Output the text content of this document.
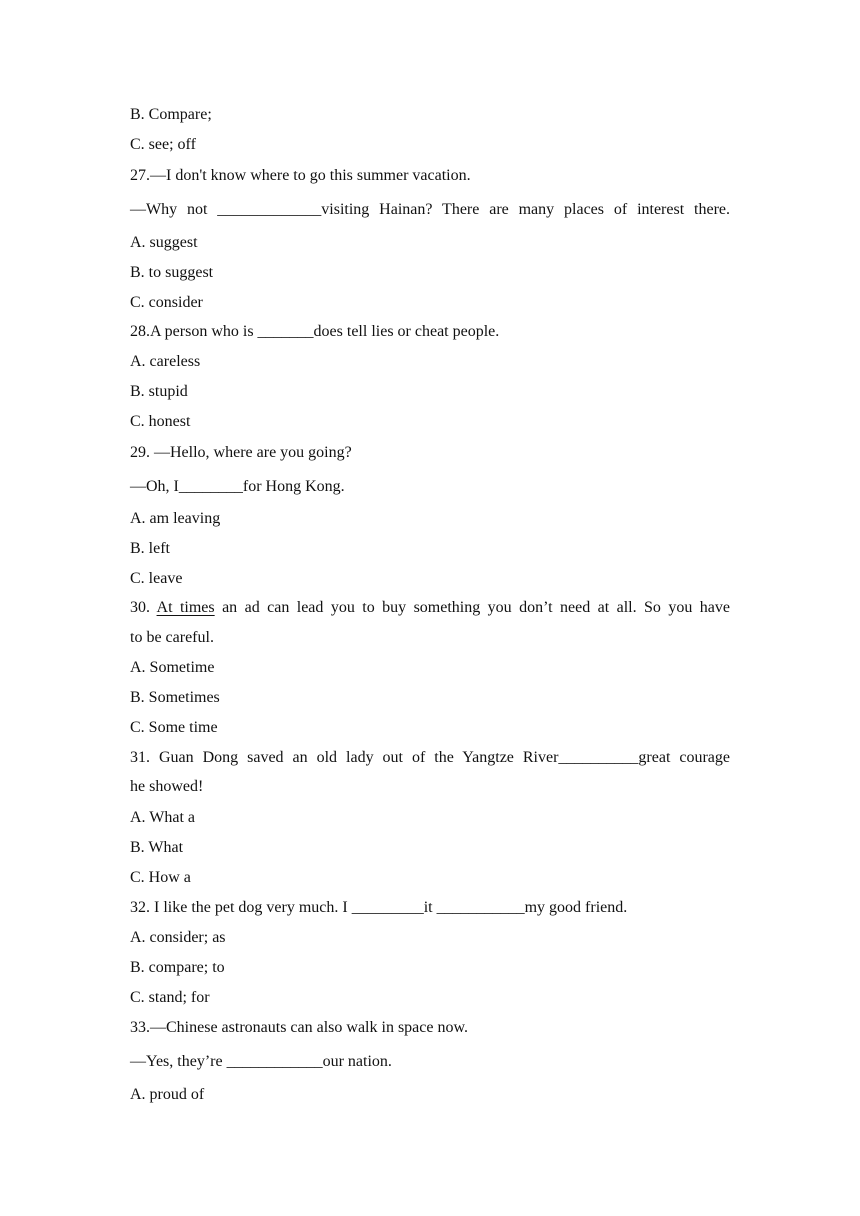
B. Compare;
C. see; off
27.—I don't know where to go this summer vacation.
—Why not _____________visiting Hainan? There are many places of interest there.
A. suggest
B. to suggest
C. consider
28.A person who is _______does tell lies or cheat people.
A. careless
B. stupid
C. honest
29. —Hello, where are you going?
—Oh, I________for Hong Kong.
A. am leaving
B. left
C. leave
30. At times an ad can lead you to buy something you don’t need at all. So you have
to be careful.
A. Sometime
B. Sometimes
C. Some time
31. Guan Dong saved an old lady out of the Yangtze River__________great courage
he showed!
A. What a
B. What
C. How a
32. I like the pet dog very much. I _________it ___________my good friend.
A. consider; as
B. compare; to
C. stand; for
33.—Chinese astronauts can also walk in space now.
—Yes, they’re ____________our nation.
A. proud of
